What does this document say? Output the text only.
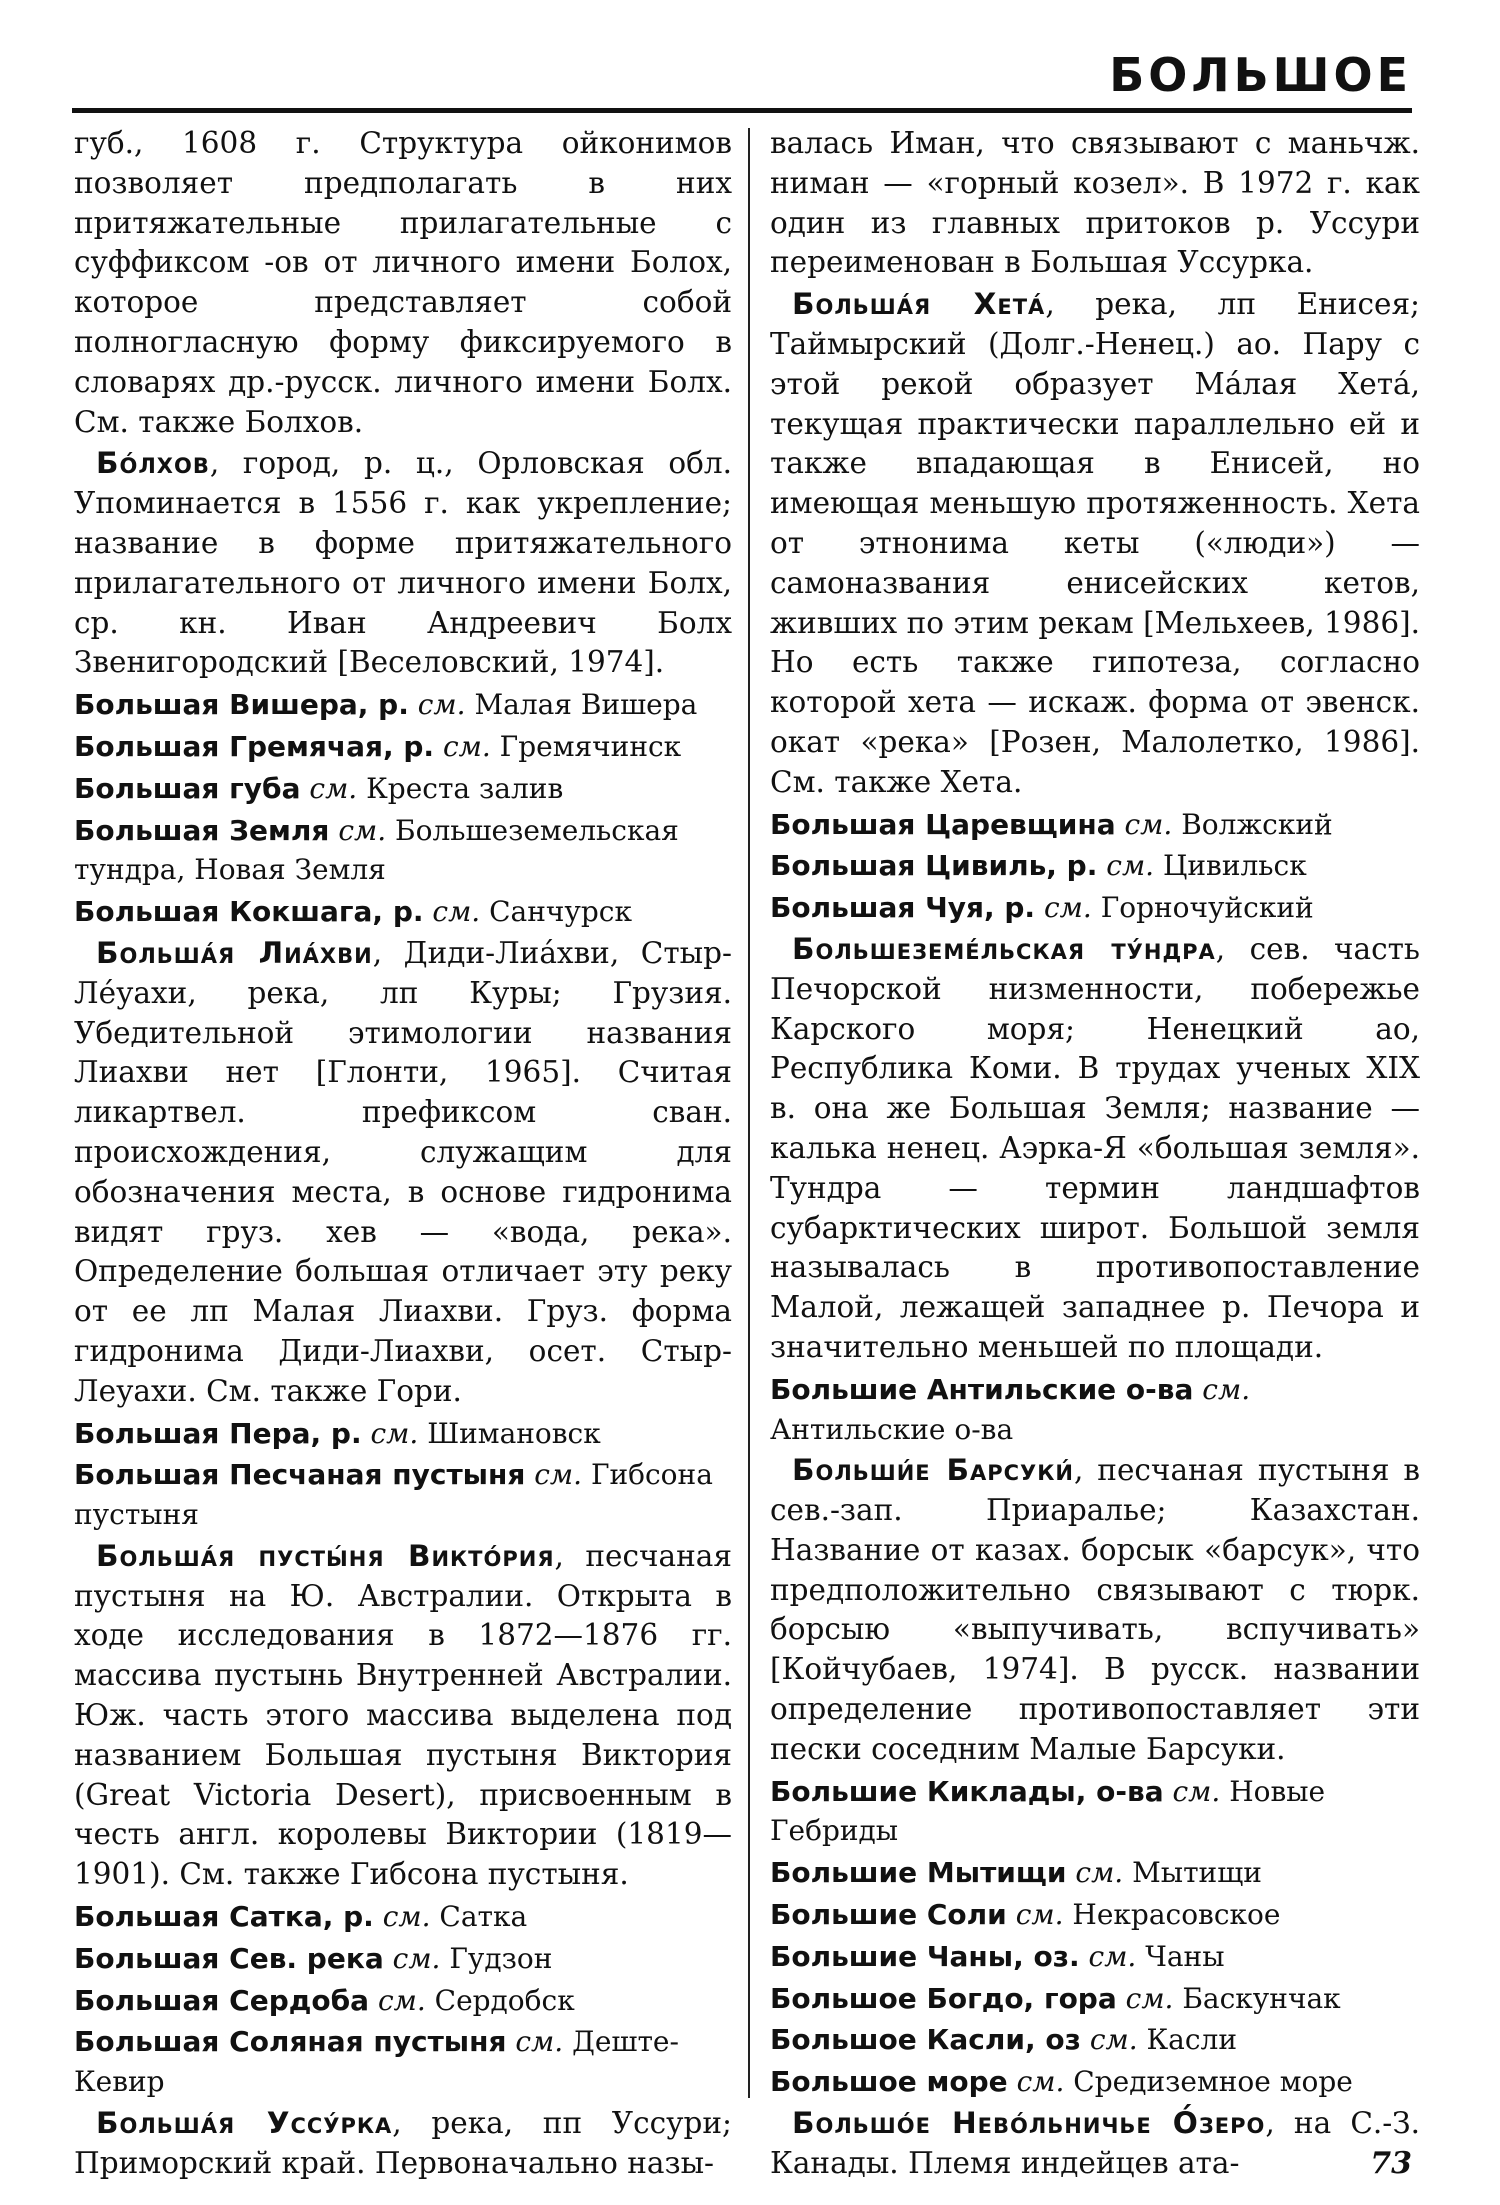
БОЛЬШОЕ
губ., 1608 г. Структура ойконимов позволяет предполагать в них притяжательные прилагательные с суффиксом -ов от личного имени Болох, которое представляет собой полногласную форму фиксируемого в словарях др.-русск. личного имени Болх. См. также Болхов.
Бо́лхов, город, р. ц., Орловская обл. Упоминается в 1556 г. как укрепление; название в форме притяжательного прилагательного от личного имени Болх, ср. кн. Иван Андреевич Болх Звенигородский [Веселовский, 1974].
Большая Вишера, р. см. Малая Вишера
Большая Гремячая, р. см. Гремячинск
Большая губа см. Креста залив
Большая Земля см. Большеземельская тундра, Новая Земля
Большая Кокшага, р. см. Санчурск
Больша́я Лиа́хви, Диди-Лиа́хви, Стыр-Ле́уахи, река, лп Куры; Грузия. Убедительной этимологии названия Лиахви нет [Глонти, 1965]. Считая ликартвел. префиксом сван. происхождения, служащим для обозначения места, в основе гидронима видят груз. хев — «вода, река». Определение большая отличает эту реку от ее лп Малая Лиахви. Груз. форма гидронима Диди-Лиахви, осет. Стыр-Леуахи. См. также Гори.
Большая Пера, р. см. Шимановск
Большая Песчаная пустыня см. Гибсона пустыня
Больша́я пусты́ня Викто́рия, песчаная пустыня на Ю. Австралии. Открыта в ходе исследования в 1872—1876 гг. массива пустынь Внутренней Австралии. Юж. часть этого массива выделена под названием Большая пустыня Виктория (Great Victoria Desert), присвоенным в честь англ. королевы Виктории (1819—1901). См. также Гибсона пустыня.
Большая Сатка, р. см. Сатка
Большая Сев. река см. Гудзон
Большая Сердоба см. Сердобск
Большая Соляная пустыня см. Деште-Кевир
Больша́я Уссу́рка, река, пп Уссури; Приморский край. Первоначально назы-
валась Иман, что связывают с маньчж. ниман — «горный козел». В 1972 г. как один из главных притоков р. Уссури переименован в Большая Уссурка.
Больша́я Хета́, река, лп Енисея; Таймырский (Долг.-Ненец.) ао. Пару с этой рекой образует Ма́лая Хета́, текущая практически параллельно ей и также впадающая в Енисей, но имеющая меньшую протяженность. Хета от этнонима кеты («люди») — самоназвания енисейских кетов, живших по этим рекам [Мельхеев, 1986]. Но есть также гипотеза, согласно которой хета — искаж. форма от эвенск. окат «река» [Розен, Малолетко, 1986]. См. также Хета.
Большая Царевщина см. Волжский
Большая Цивиль, р. см. Цивильск
Большая Чуя, р. см. Горночуйский
Большеземе́льская ту́ндра, сев. часть Печорской низменности, побережье Карского моря; Ненецкий ао, Республика Коми. В трудах ученых XIX в. она же Большая Земля; название — калька ненец. Аэрка-Я «большая земля». Тундра — термин ландшафтов субарктических широт. Большой земля называлась в противопоставление Малой, лежащей западнее р. Печора и значительно меньшей по площади.
Большие Антильские о-ва см. Антильские о-ва
Больши́е Барсуки́, песчаная пустыня в сев.-зап. Приаралье; Казахстан. Название от казах. борсык «барсук», что предположительно связывают с тюрк. борсыю «выпучивать, вспучивать» [Койчубаев, 1974]. В русск. названии определение противопоставляет эти пески соседним Малые Барсуки.
Большие Киклады, о-ва см. Новые Гебриды
Большие Мытищи см. Мытищи
Большие Соли см. Некрасовское
Большие Чаны, оз. см. Чаны
Большое Богдо, гора см. Баскунчак
Большое Касли, оз см. Касли
Большое море см. Средиземное море
Большо́е Нево́льничье О́зеро, на С.-З. Канады. Племя индейцев ата-	73
